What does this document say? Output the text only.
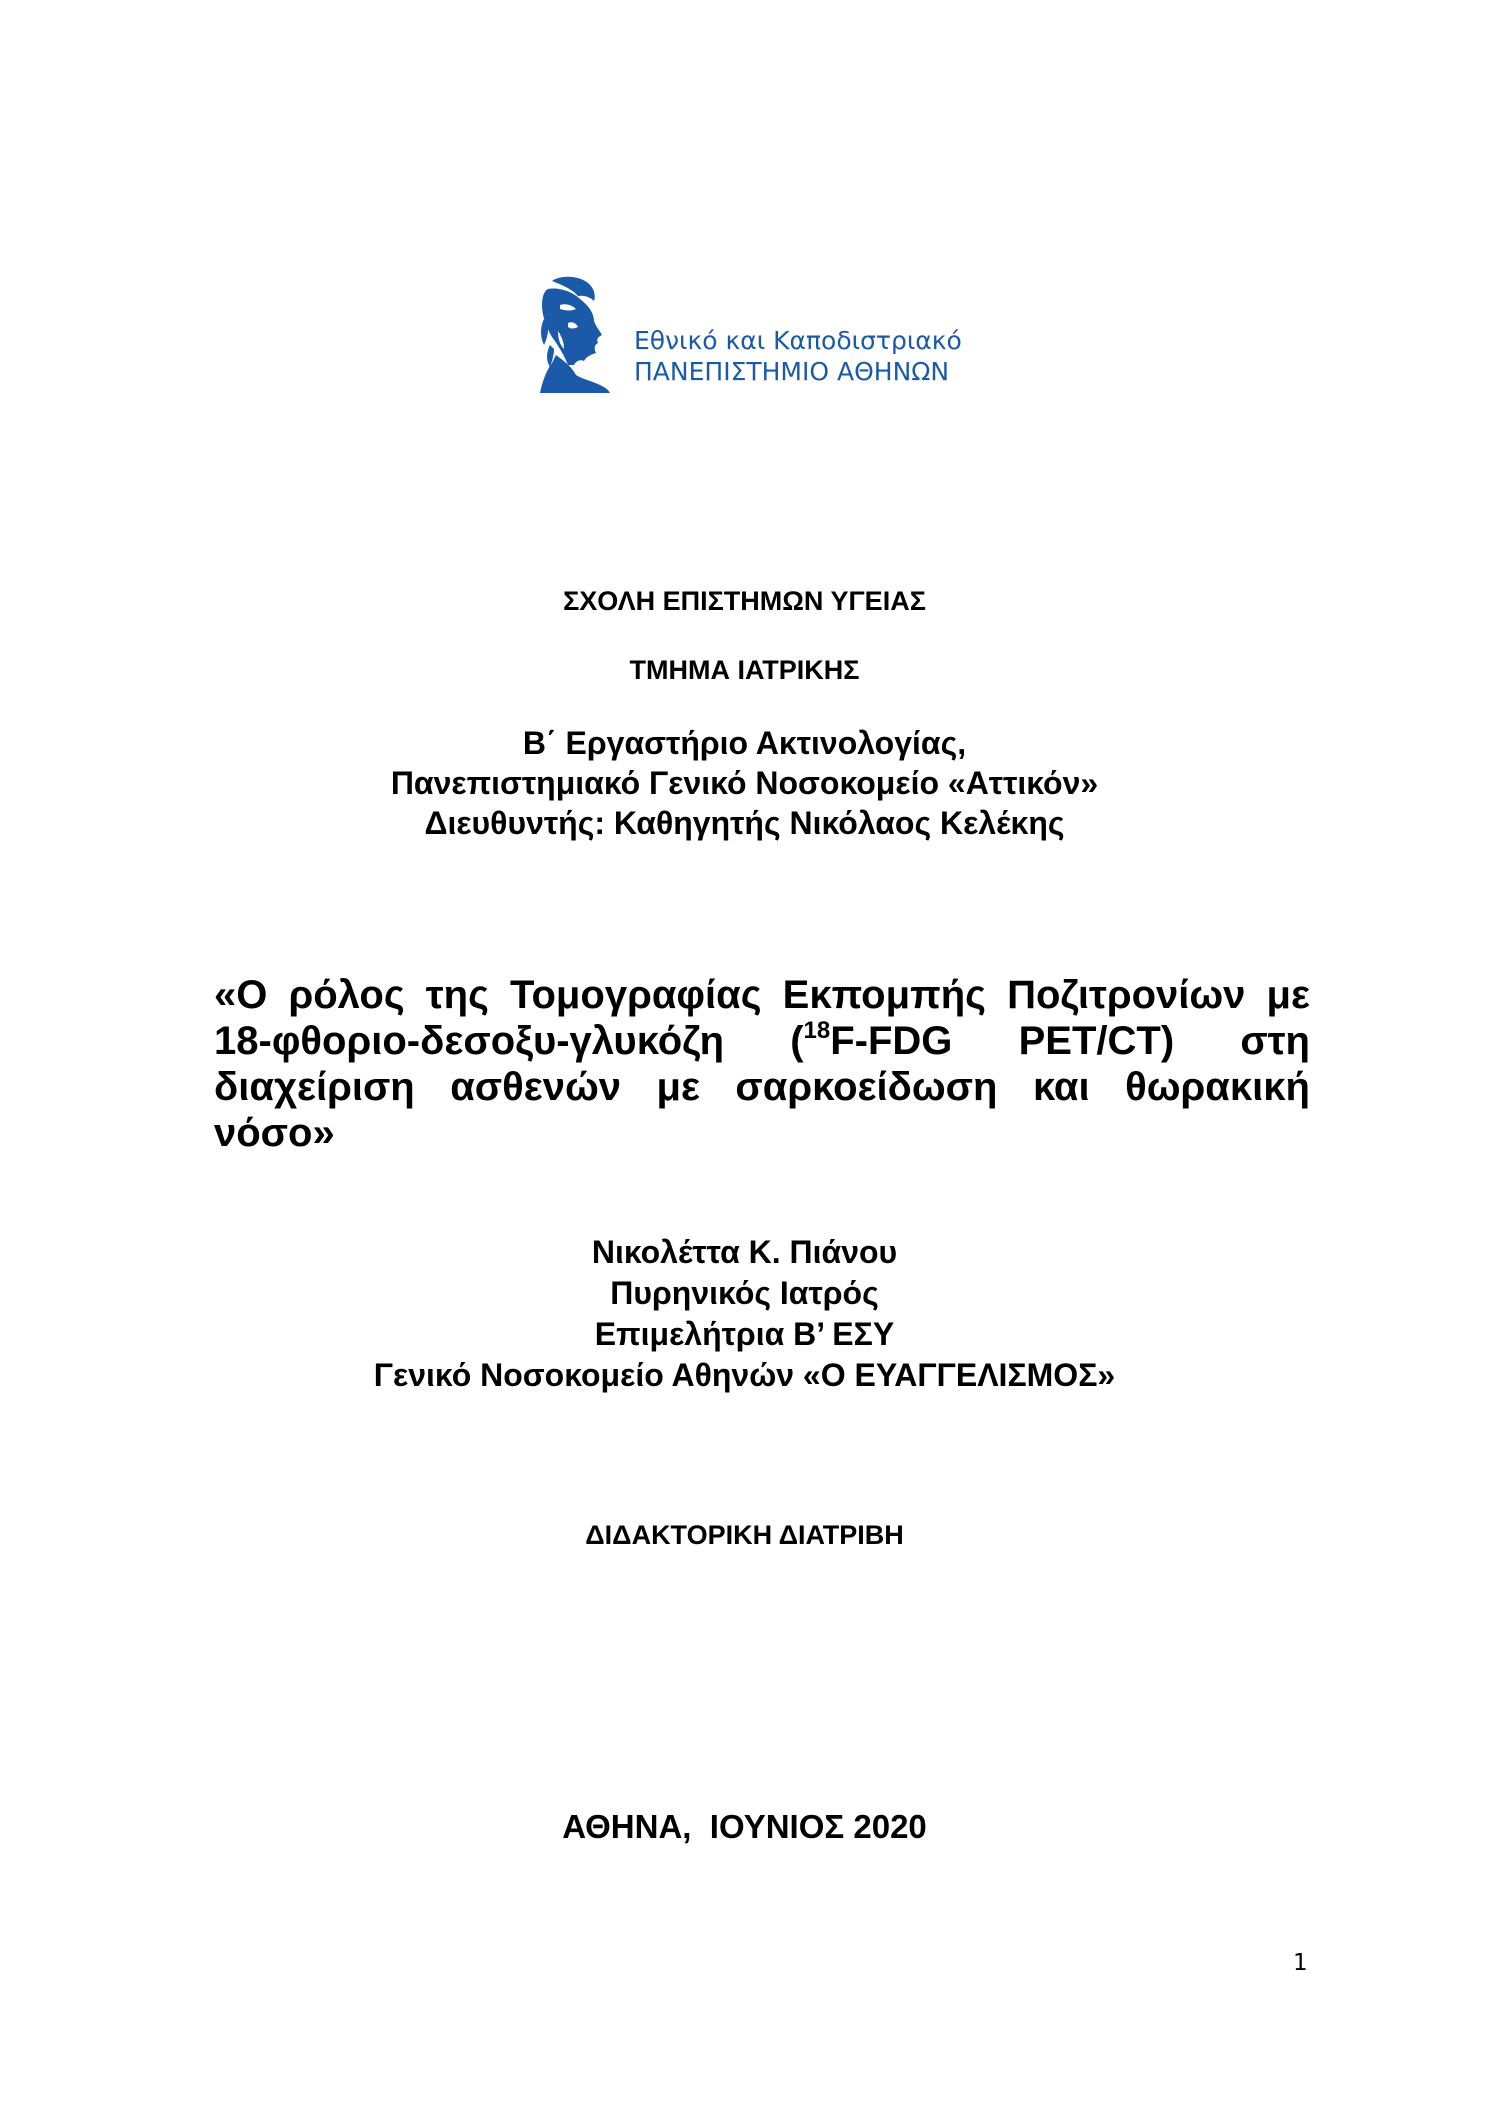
Εθνικό και Καποδιστριακό
ΠΑΝΕΠΙΣΤΗΜΙΟ ΑΘΗΝΩΝ
ΣΧΟΛΗ ΕΠΙΣΤΗΜΩΝ ΥΓΕΙΑΣ
ΤΜΗΜΑ ΙΑΤΡΙΚΗΣ
Β΄ Εργαστήριο Ακτινολογίας,
Πανεπιστημιακό Γενικό Νοσοκομείο «Αττικόν»
Διευθυντής: Καθηγητής Νικόλαος Κελέκης
«Ο ρόλος της Τομογραφίας Εκπομπής Ποζιτρονίων με
18-φθοριο-δεσοξυ-γλυκόζη ($^{18}$F-FDG PET/CT) στη
διαχείριση ασθενών με σαρκοείδωση και θωρακική
νόσο»
Νικολέττα Κ. Πιάνου
Πυρηνικός Ιατρός
Επιμελήτρια Β’ ΕΣΥ
Γενικό Νοσοκομείο Αθηνών «Ο ΕΥΑΓΓΕΛΙΣΜΟΣ»
ΔΙΔΑΚΤΟΡΙΚΗ ΔΙΑΤΡΙΒΗ
ΑΘΗΝΑ,  ΙΟΥΝΙΟΣ 2020
1
